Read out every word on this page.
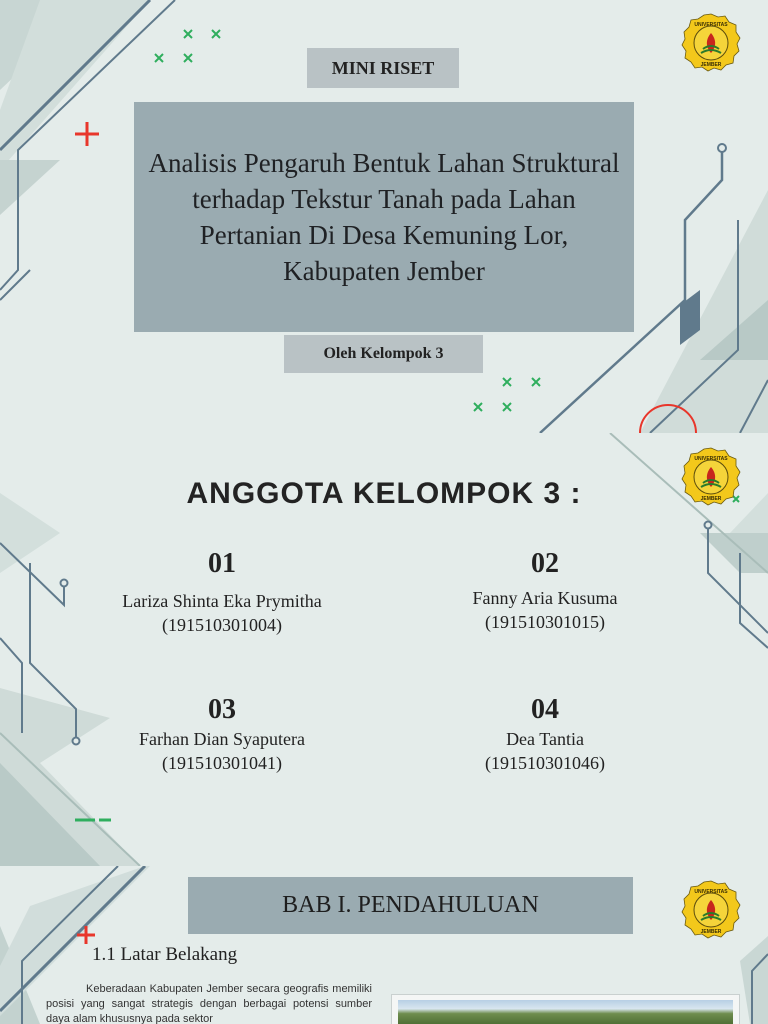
UNIVERSITAS
JEMBER
MINI RISET
Analisis Pengaruh Bentuk Lahan Struktural terhadap Tekstur Tanah pada Lahan Pertanian Di Desa Kemuning Lor, Kabupaten Jember
Oleh Kelompok 3
UNIVERSITAS
JEMBER
ANGGOTA KELOMPOK 3 :
01
Lariza Shinta Eka Prymitha
(191510301004)
02
Fanny Aria Kusuma
(191510301015)
03
Farhan Dian Syaputera
(191510301041)
04
Dea Tantia
(191510301046)
UNIVERSITAS
JEMBER
BAB I. PENDAHULUAN
1.1 Latar Belakang
Keberadaan Kabupaten Jember secara geografis memiliki posisi yang sangat strategis dengan berbagai potensi sumber daya alam khususnya pada sektor
